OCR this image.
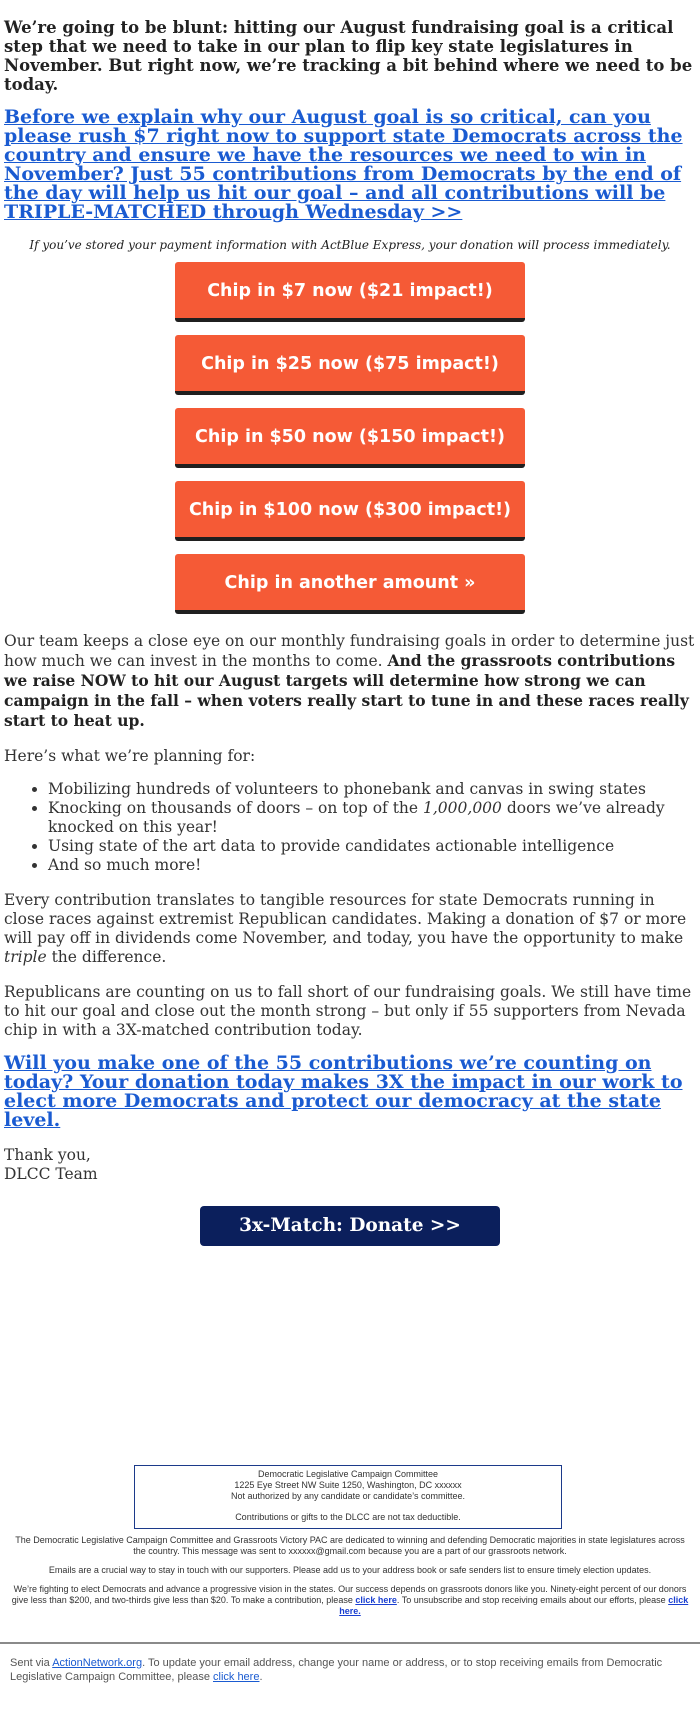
We’re going to be blunt: hitting our August fundraising goal is a critical step that we need to take in our plan to flip key state legislatures in November. But right now, we’re tracking a bit behind where we need to be today.

Before we explain why our August goal is so critical, can you please rush $7 right now to support state Democrats across the country and ensure we have the resources we need to win in November? Just 55 contributions from Democrats by the end of the day will help us hit our goal – and all contributions will be TRIPLE-MATCHED through Wednesday >>

If you’ve stored your payment information with ActBlue Express, your donation will process immediately.

Chip in $7 now ($21 impact!)
Chip in $25 now ($75 impact!)
Chip in $50 now ($150 impact!)
Chip in $100 now ($300 impact!)
Chip in another amount »

Our team keeps a close eye on our monthly fundraising goals in order to determine just how much we can invest in the months to come. And the grassroots contributions we raise NOW to hit our August targets will determine how strong we can campaign in the fall – when voters really start to tune in and these races really start to heat up.

Here’s what we’re planning for:

• Mobilizing hundreds of volunteers to phonebank and canvas in swing states
• Knocking on thousands of doors – on top of the 1,000,000 doors we’ve already knocked on this year!
• Using state of the art data to provide candidates actionable intelligence
• And so much more!

Every contribution translates to tangible resources for state Democrats running in close races against extremist Republican candidates. Making a donation of $7 or more will pay off in dividends come November, and today, you have the opportunity to make triple the difference.

Republicans are counting on us to fall short of our fundraising goals. We still have time to hit our goal and close out the month strong – but only if 55 supporters from Nevada chip in with a 3X-matched contribution today.

Will you make one of the 55 contributions we’re counting on today? Your donation today makes 3X the impact in our work to elect more Democrats and protect our democracy at the state level.

Thank you,
DLCC Team

3x-Match: Donate >>
Democratic Legislative Campaign Committee
1225 Eye Street NW Suite 1250, Washington, DC xxxxxx
Not authorized by any candidate or candidate’s committee.
Contributions or gifts to the DLCC are not tax deductible.
The Democratic Legislative Campaign Committee and Grassroots Victory PAC are dedicated to winning and defending Democratic majorities in state legislatures across the country. This message was sent to xxxxxx@gmail.com because you are a part of our grassroots network.
Emails are a crucial way to stay in touch with our supporters. Please add us to your address book or safe senders list to ensure timely election updates.
We’re fighting to elect Democrats and advance a progressive vision in the states. Our success depends on grassroots donors like you. Ninety-eight percent of our donors give less than $200, and two-thirds give less than $20. To make a contribution, please click here. To unsubscribe and stop receiving emails about our efforts, please click here.
Sent via ActionNetwork.org. To update your email address, change your name or address, or to stop receiving emails from Democratic Legislative Campaign Committee, please click here.
